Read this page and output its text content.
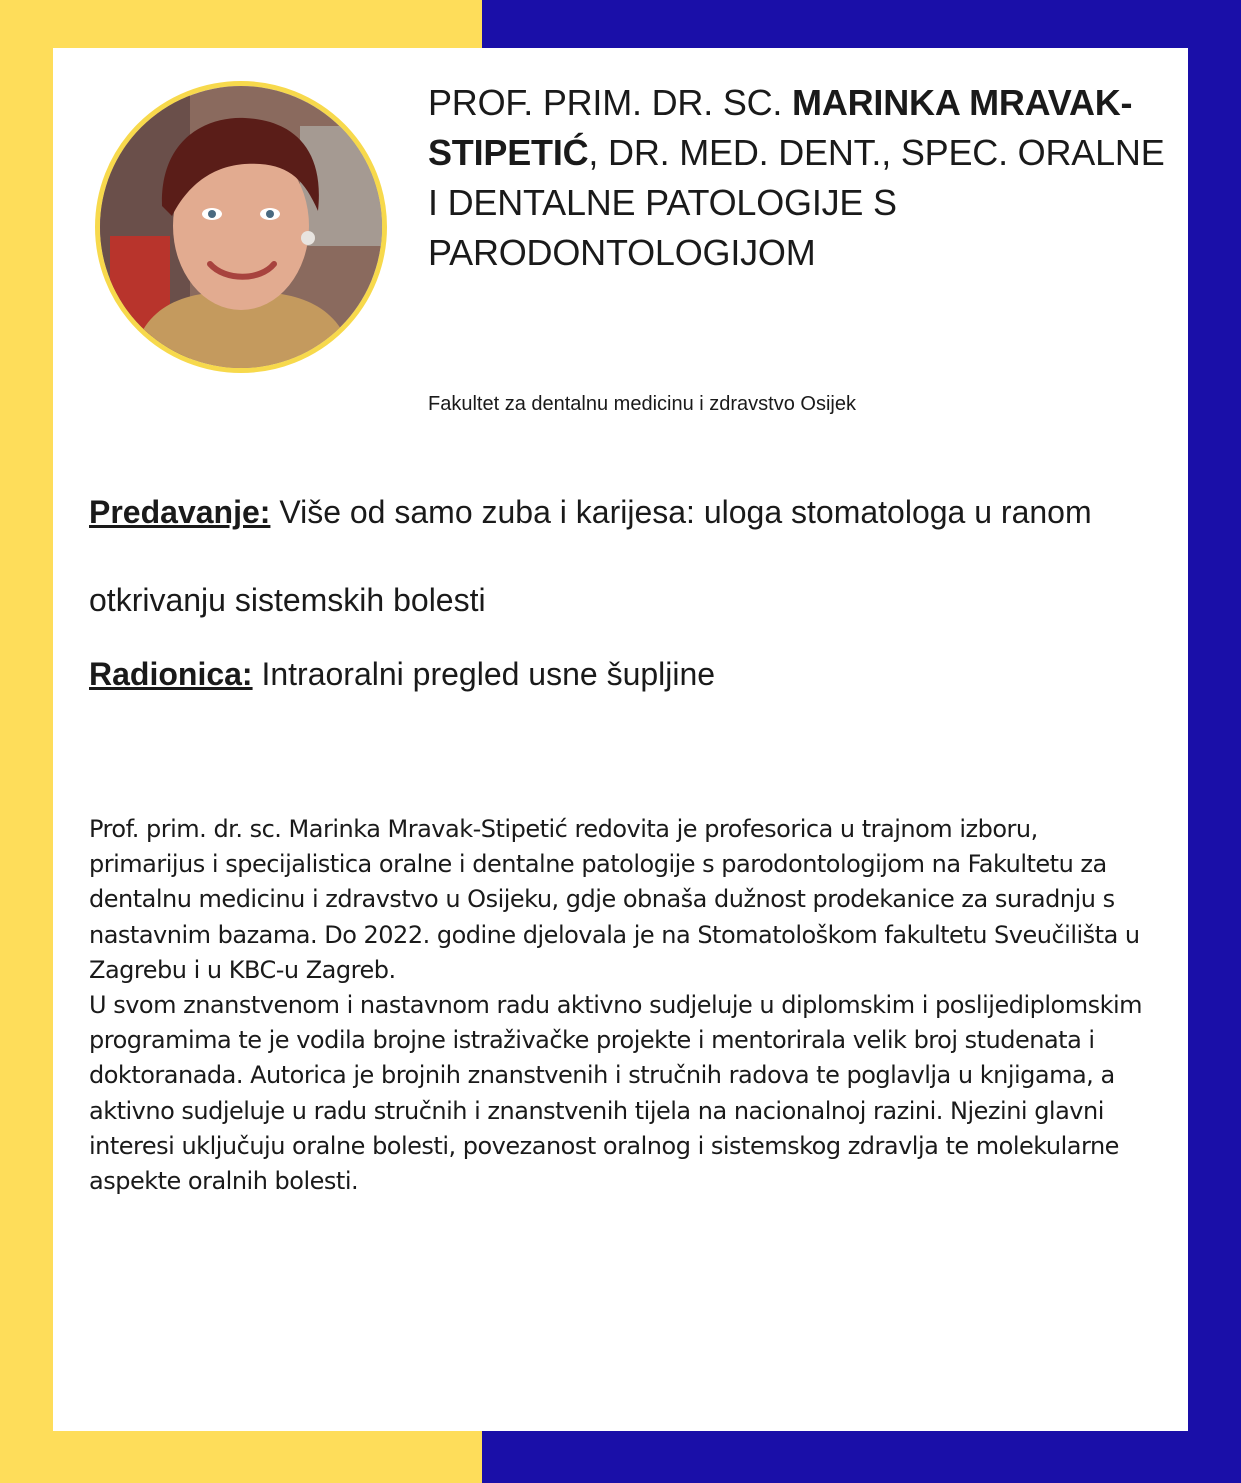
PROF. PRIM. DR. SC. MARINKA MRAVAK-STIPETIĆ, DR. MED. DENT., SPEC. ORALNE I DENTALNE PATOLOGIJE S PARODONTOLOGIJOM

Fakultet za dentalnu medicinu i zdravstvo Osijek

Predavanje: Više od samo zuba i karijesa: uloga stomatologa u ranom otkrivanju sistemskih bolesti

Radionica: Intraoralni pregled usne šupljine

Prof. prim. dr. sc. Marinka Mravak-Stipetić redovita je profesorica u trajnom izboru, primarijus i specijalistica oralne i dentalne patologije s parodontologijom na Fakultetu za dentalnu medicinu i zdravstvo u Osijeku, gdje obnaša dužnost prodekanice za suradnju s nastavnim bazama. Do 2022. godine djelovala je na Stomatološkom fakultetu Sveučilišta u Zagrebu i u KBC-u Zagreb.

U svom znanstvenom i nastavnom radu aktivno sudjeluje u diplomskim i poslijediplomskim programima te je vodila brojne istraživačke projekte i mentorirala velik broj studenata i doktoranada. Autorica je brojnih znanstvenih i stručnih radova te poglavlja u knjigama, a aktivno sudjeluje u radu stručnih i znanstvenih tijela na nacionalnoj razini. Njezini glavni interesi uključuju oralne bolesti, povezanost oralnog i sistemskog zdravlja te molekularne aspekte oralnih bolesti.
